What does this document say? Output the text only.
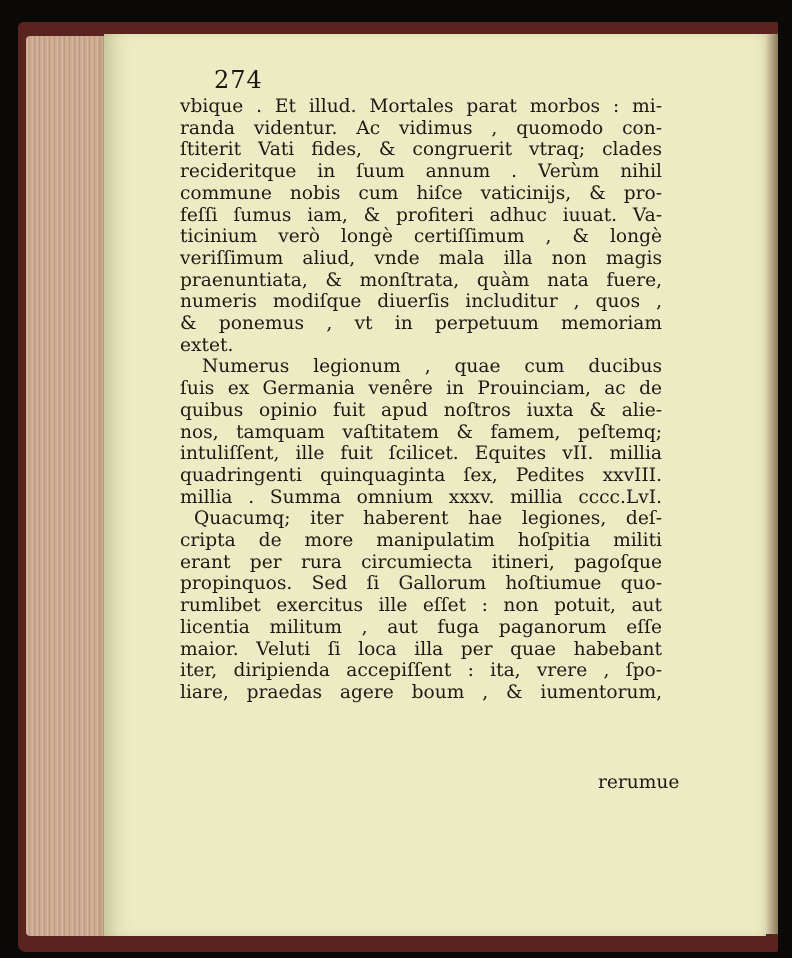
274
vbique . Et illud. Mortales parat morbos : mi-
randa videntur. Ac vidimus , quomodo con-
ſtiterit Vati fides, & congruerit vtraq; clades
recideritque in ſuum annum . Verùm nihil
commune nobis cum hiſce vaticinijs, & pro-
feſſi ſumus iam, & profiteri adhuc iuuat. Va-
ticinium verò longè certiſſimum , & longè
veriſſimum aliud, vnde mala illa non magis
praenuntiata, & monſtrata, quàm nata fuere,
numeris modiſque diuerſis includitur , quos ,
& ponemus , vt in perpetuum memoriam
extet.
Numerus legionum , quae cum ducibus
ſuis ex Germania venêre in Prouinciam, ac de
quibus opinio fuit apud noſtros iuxta & alie-
nos, tamquam vaſtitatem & famem, peſtemq;
intuliſſent, ille fuit ſcilicet. Equites vII. millia
quadringenti quinquaginta ſex, Pedites xxvIII.
millia . Summa omnium xxxv. millia cccc.LvI.
Quacumq; iter haberent hae legiones, deſ-
cripta de more manipulatim hoſpitia militi
erant per rura circumiecta itineri, pagoſque
propinquos. Sed ſi Gallorum hoſtiumue quo-
rumlibet exercitus ille eſſet : non potuit, aut
licentia militum , aut fuga paganorum eſſe
maior. Veluti ſi loca illa per quae habebant
iter, diripienda accepiſſent : ita, vrere , ſpo-
liare, praedas agere boum , & iumentorum,
rerumue
